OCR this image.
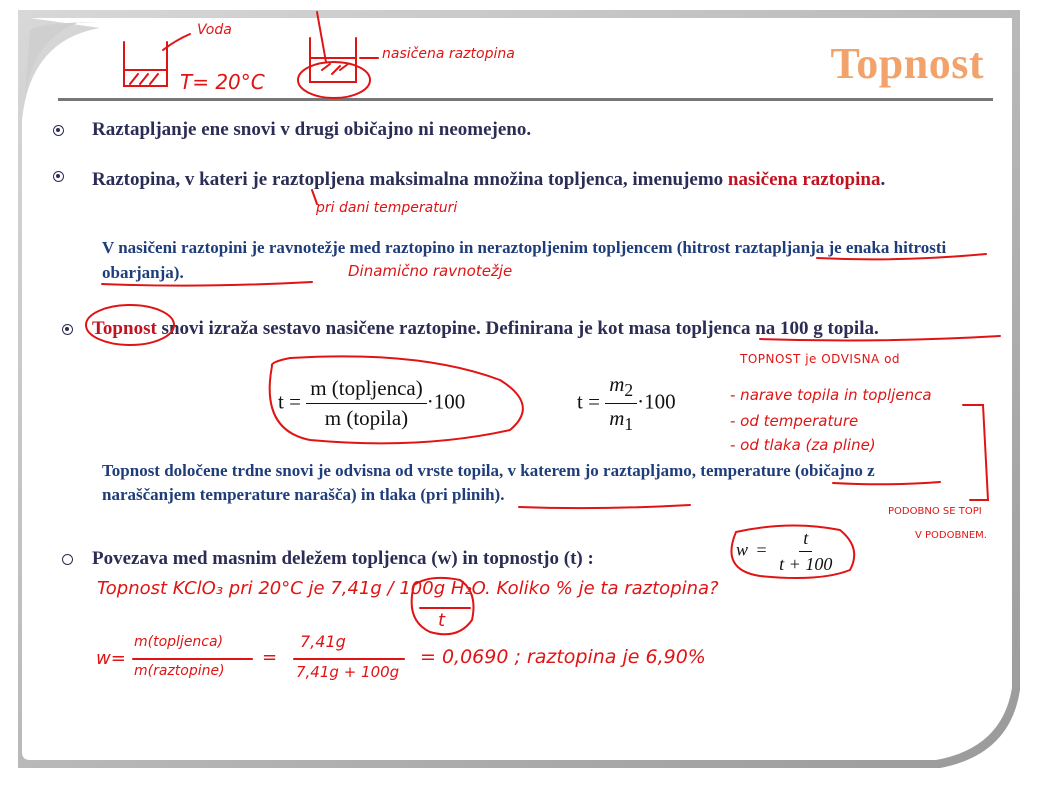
Topnost
Raztapljanje ene snovi v drugi običajno ni neomejeno.
Raztopina, v kateri je raztopljena maksimalna množina topljenca, imenujemo nasičena raztopina.
V nasičeni raztopini je ravnotežje med raztopino in neraztopljenim topljencem (hitrost raztapljanja je enaka hitrosti obarjanja).
Topnost snovi izraža sestavo nasičene raztopine. Definirana je kot masa topljenca na 100 g topila.
$t = \frac{\text{m (topljenca)}}{\text{m (topila)}} \cdot 100$	$t = \frac{m_2}{m_1} \cdot 100$
Topnost določene trdne snovi je odvisna od vrste topila, v katerem jo raztapljamo, temperature (običajno z naraščanjem temperature narašča) in tlaka (pri plinih).
Povezava med masnim deležem topljenca (w) in topnostjo (t) :	$w = \frac{t}{t + 100}$
Voda
T= 20°C
nasičena raztopina
pri dani temperaturi
Dinamično ravnotežje
TOPNOST je ODVISNA od
- narave topila in topljenca
- od temperature
- od tlaka (za pline)
PODOBNO SE TOPI
V PODOBNEM.
Topnost KClO₃ pri 20°C je 7,41g / 100g H₂O. Koliko % je ta raztopina?
t
w=
m(topljenca)
m(raztopine)
=
7,41g
7,41g + 100g
= 0,0690 ; raztopina je 6,90%
